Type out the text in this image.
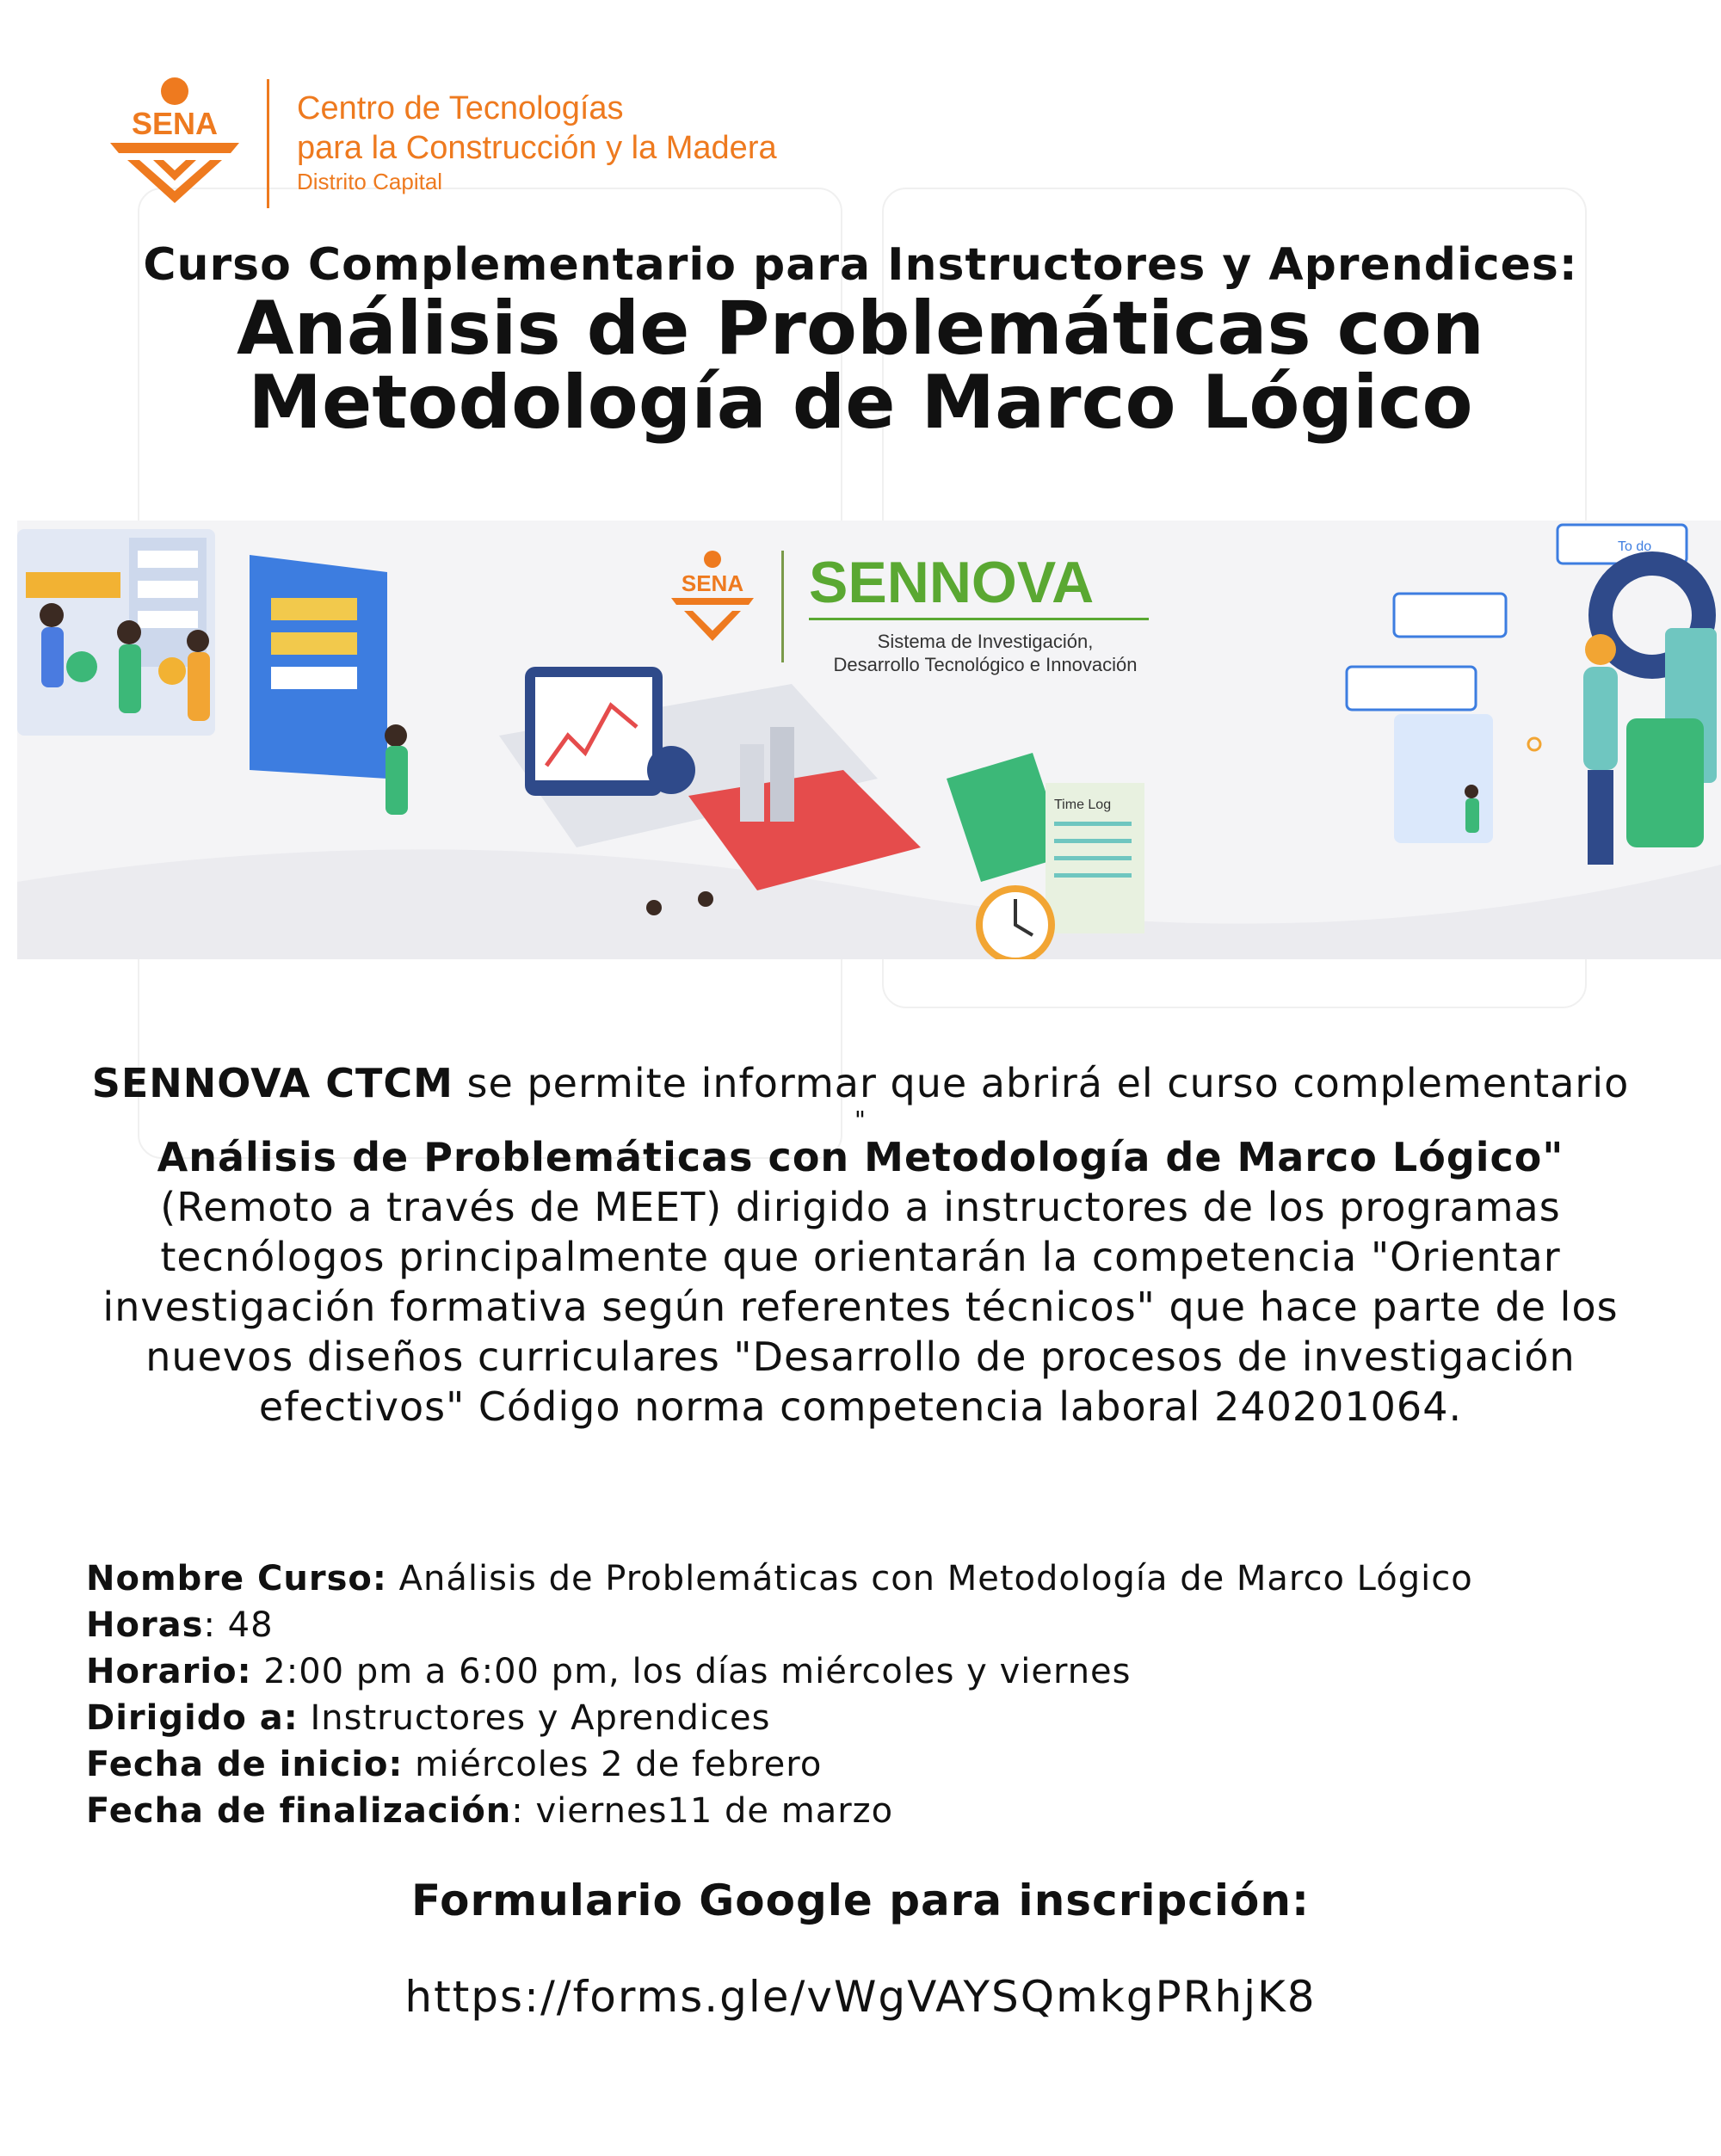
SENA Centro de Tecnologías
para la Construcción y la Madera
Distrito Capital
Curso Complementario para Instructores y Aprendices:
Análisis de Problemáticas con
Metodología de Marco Lógico
SENA SENNOVA
Sistema de Investigación,
Desarrollo Tecnológico e Innovación
Time Log
To do
SENNOVA CTCM se permite informar que abrirá el curso complementario
"
Análisis de Problemáticas con Metodología de Marco Lógico"
(Remoto a través de MEET) dirigido a instructores de los programas
tecnólogos principalmente que orientarán la competencia "Orientar
investigación formativa según referentes técnicos" que hace parte de los
nuevos diseños curriculares "Desarrollo de procesos de investigación
efectivos" Código norma competencia laboral 240201064.
Nombre Curso: Análisis de Problemáticas con Metodología de Marco Lógico
Horas: 48
Horario: 2:00 pm a 6:00 pm, los días miércoles y viernes
Dirigido a: Instructores y Aprendices
Fecha de inicio: miércoles 2 de febrero
Fecha de finalización: viernes11 de marzo
Formulario Google para inscripción:
https://forms.gle/vWgVAYSQmkgPRhjK8
